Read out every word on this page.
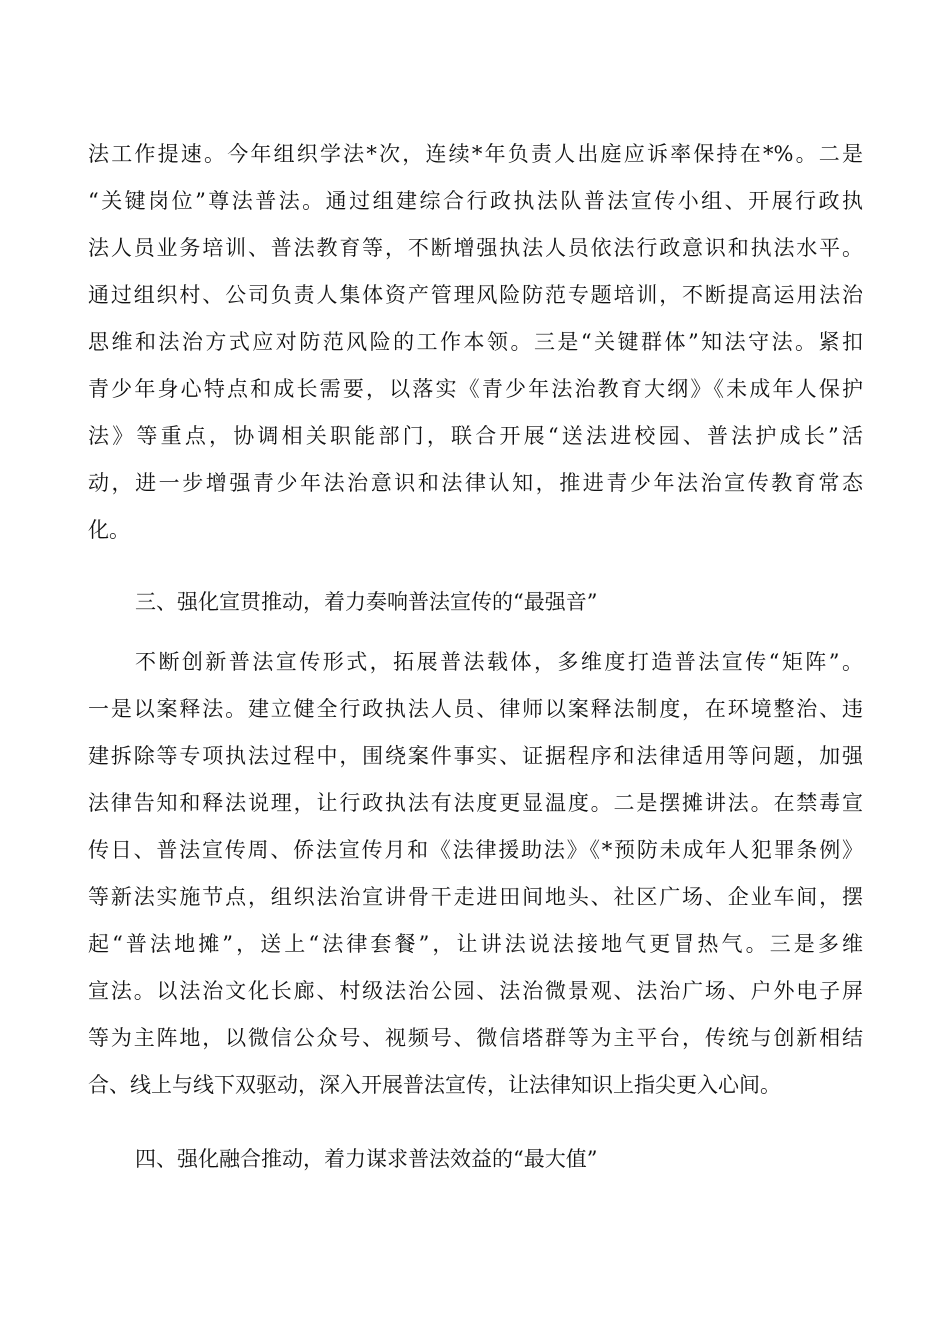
法工作提速。今年组织学法*次，连续*年负责人出庭应诉率保持在*%。二是
“关键岗位”尊法普法。通过组建综合行政执法队普法宣传小组、开展行政执
法人员业务培训、普法教育等，不断增强执法人员依法行政意识和执法水平。
通过组织村、公司负责人集体资产管理风险防范专题培训，不断提高运用法治
思维和法治方式应对防范风险的工作本领。三是“关键群体”知法守法。紧扣
青少年身心特点和成长需要，以落实《青少年法治教育大纲》《未成年人保护
法》等重点，协调相关职能部门，联合开展“送法进校园、普法护成长”活
动，进一步增强青少年法治意识和法律认知，推进青少年法治宣传教育常态
化。
三、强化宣贯推动，着力奏响普法宣传的“最强音”
不断创新普法宣传形式，拓展普法载体，多维度打造普法宣传“矩阵”。
一是以案释法。建立健全行政执法人员、律师以案释法制度，在环境整治、违
建拆除等专项执法过程中，围绕案件事实、证据程序和法律适用等问题，加强
法律告知和释法说理，让行政执法有法度更显温度。二是摆摊讲法。在禁毒宣
传日、普法宣传周、侨法宣传月和《法律援助法》《*预防未成年人犯罪条例》
等新法实施节点，组织法治宣讲骨干走进田间地头、社区广场、企业车间，摆
起“普法地摊”，送上“法律套餐”，让讲法说法接地气更冒热气。三是多维
宣法。以法治文化长廊、村级法治公园、法治微景观、法治广场、户外电子屏
等为主阵地，以微信公众号、视频号、微信塔群等为主平台，传统与创新相结
合、线上与线下双驱动，深入开展普法宣传，让法律知识上指尖更入心间。
四、强化融合推动，着力谋求普法效益的“最大值”
